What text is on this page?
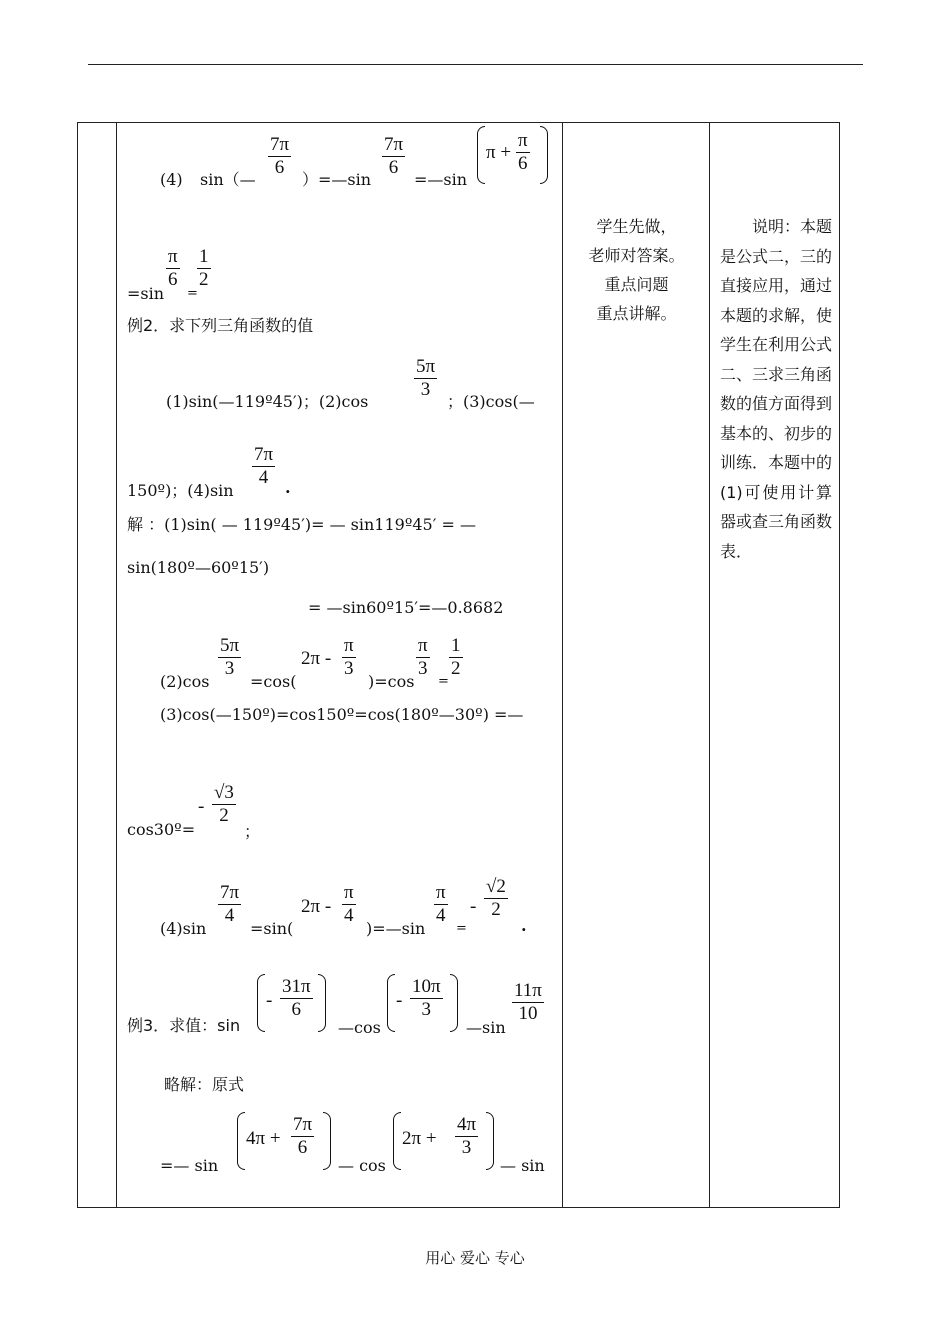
(4) sin（—
$\frac{7\pi}{6}$
）=—sin
$\frac{7\pi}{6}$
=—sin
$\pi + \frac{\pi}{6}$
=sin
$\frac{\pi}{6}$
=
$\frac{1}{2}$
例2．求下列三角函数的值
(1)sin(—119º45′)；(2)cos
$\frac{5\pi}{3}$
；(3)cos(—
150º)；(4)sin
$\frac{7\pi}{4}$ .
解 ：(1)sin( — 119º45′)= — sin119º45′ = —
sin(180º—60º15′)
= —sin60º15′=—0.8682
(2)cos
$\frac{5\pi}{3}$
=cos(
$2\pi - \frac{\pi}{3}$
)=cos
$\frac{\pi}{3}$
=
$\frac{1}{2}$
(3)cos(—150º)=cos150º=cos(180º—30º) =—
cos30º=
- $\frac{√3}{2}$
；
(4)sin
$\frac{7\pi}{4}$
=sin(
$2\pi - \frac{\pi}{4}$
)=—sin
$\frac{\pi}{4}$
=
- $\frac{√2}{2}$
.
例3．求值：sin
- $\frac{31\pi}{6}$
—cos
- $\frac{10\pi}{3}$
—sin
$\frac{11\pi}{10}$
略解：原式
=— sin
$4\pi + \frac{7\pi}{6}$
— cos
$2\pi + \frac{4\pi}{3}$
— sin
学生先做，
老师对答案。
重点问题
重点讲解。
　　说明：本题是公式二，三的直接应用，通过本题的求解，使学生在利用公式二、三求三角函数的值方面得到基本的、初步的训练．本题中的(1)可使用计算器或查三角函数表．
用心 爱心 专心
